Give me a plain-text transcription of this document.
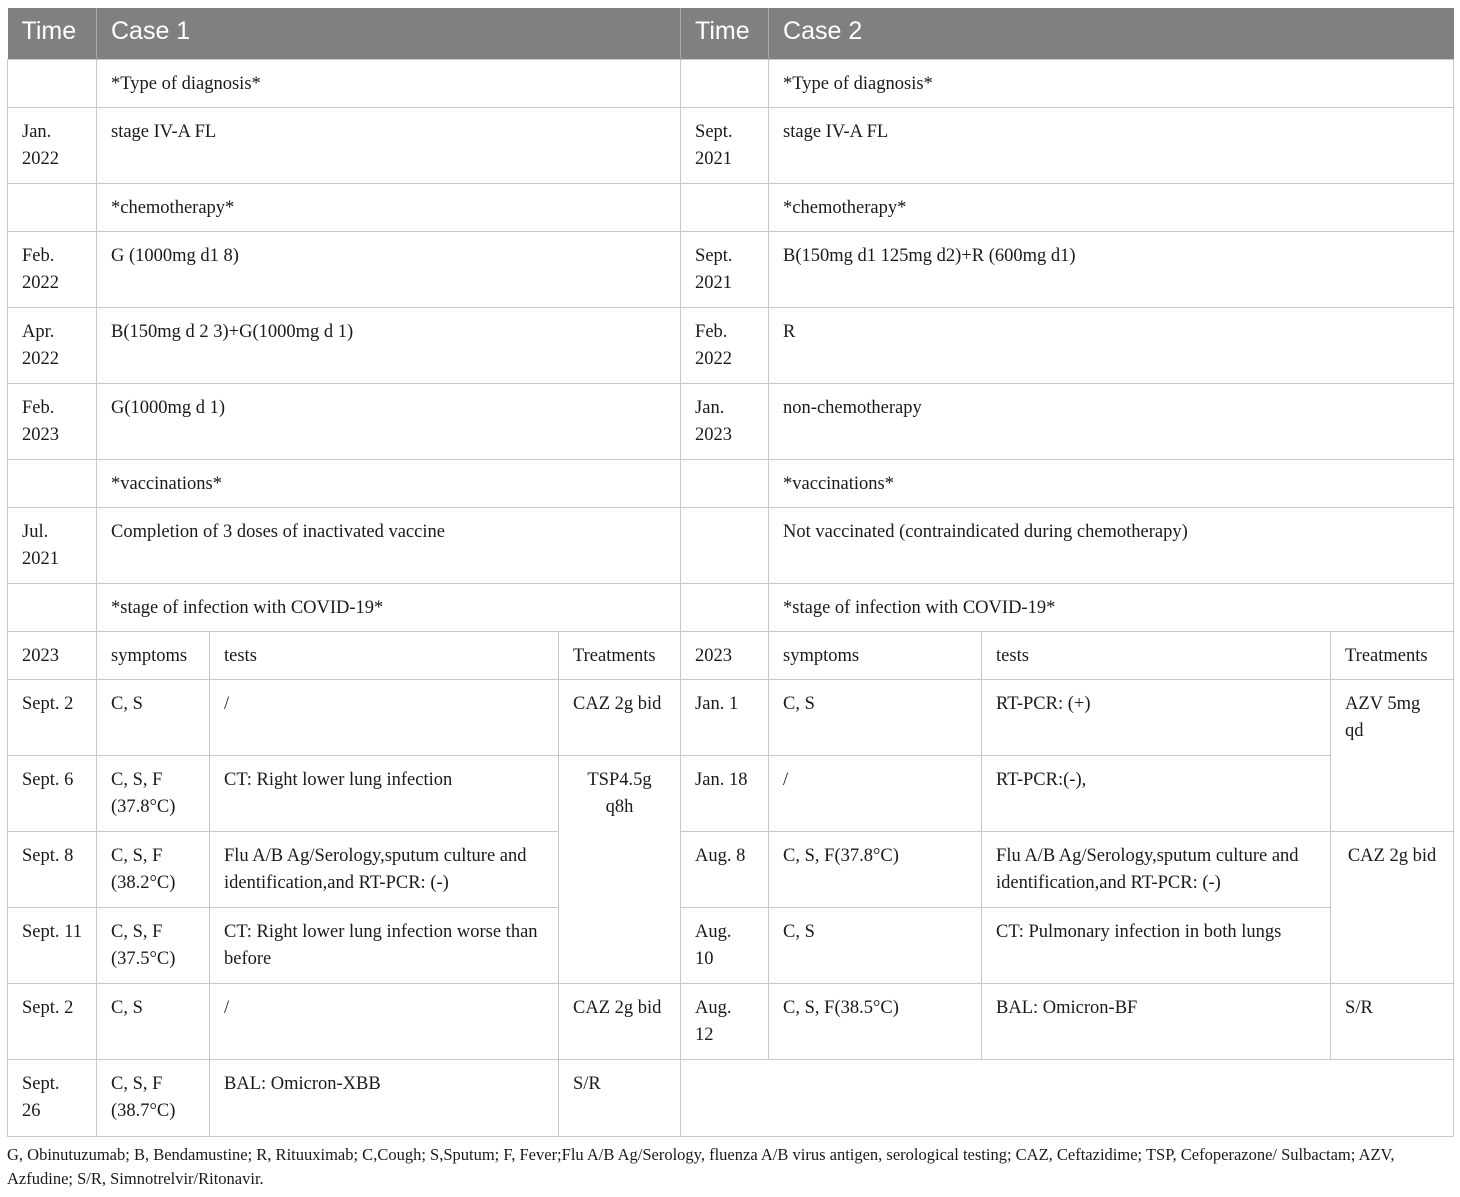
Time	Case 1			Time	Case 2		
	*Type of diagnosis*				*Type of diagnosis*		
Jan. 2022	stage IV-A FL			Sept. 2021	stage IV-A FL		
	*chemotherapy*				*chemotherapy*		
Feb. 2022	G (1000mg d1 8)			Sept. 2021	B(150mg d1 125mg d2)+R (600mg d1)		
Apr. 2022	B(150mg d 2 3)+G(1000mg d 1)			Feb. 2022	R		
Feb. 2023	G(1000mg d 1)			Jan. 2023	non-chemotherapy		
	*vaccinations*				*vaccinations*		
Jul. 2021	Completion of 3 doses of inactivated vaccine				Not vaccinated (contraindicated during chemotherapy)		
	*stage of infection with COVID-19*				*stage of infection with COVID-19*		
2023	symptoms	tests	Treatments	2023	symptoms	tests	Treatments
Sept. 2	C, S	/	CAZ 2g bid	Jan. 1	C, S	RT-PCR: (+)	AZV 5mg qd
Sept. 6	C, S, F (37.8°C)	CT: Right lower lung infection	TSP4.5g q8h	Jan. 18	/	RT-PCR:(-),	
Sept. 8	C, S, F (38.2°C)	Flu A/B Ag/Serology,sputum culture and identification,and RT-PCR: (-)		Aug. 8	C, S, F(37.8°C)	Flu A/B Ag/Serology,sputum culture and identification,and RT-PCR: (-)	CAZ 2g bid
Sept. 11	C, S, F (37.5°C)	CT: Right lower lung infection worse than before		Aug. 10	C, S	CT: Pulmonary infection in both lungs	
Sept. 2	C, S	/	CAZ 2g bid	Aug. 12	C, S, F(38.5°C)	BAL: Omicron-BF	S/R
Sept. 26	C, S, F (38.7°C)	BAL: Omicron-XBB	S/R				
G, Obinutuzumab; B, Bendamustine; R, Rituuximab; C,Cough; S,Sputum; F, Fever;Flu A/B Ag/Serology, fluenza A/B virus antigen, serological testing; CAZ, Ceftazidime; TSP, Cefoperazone/ Sulbactam; AZV, Azfudine; S/R, Simnotrelvir/Ritonavir.
